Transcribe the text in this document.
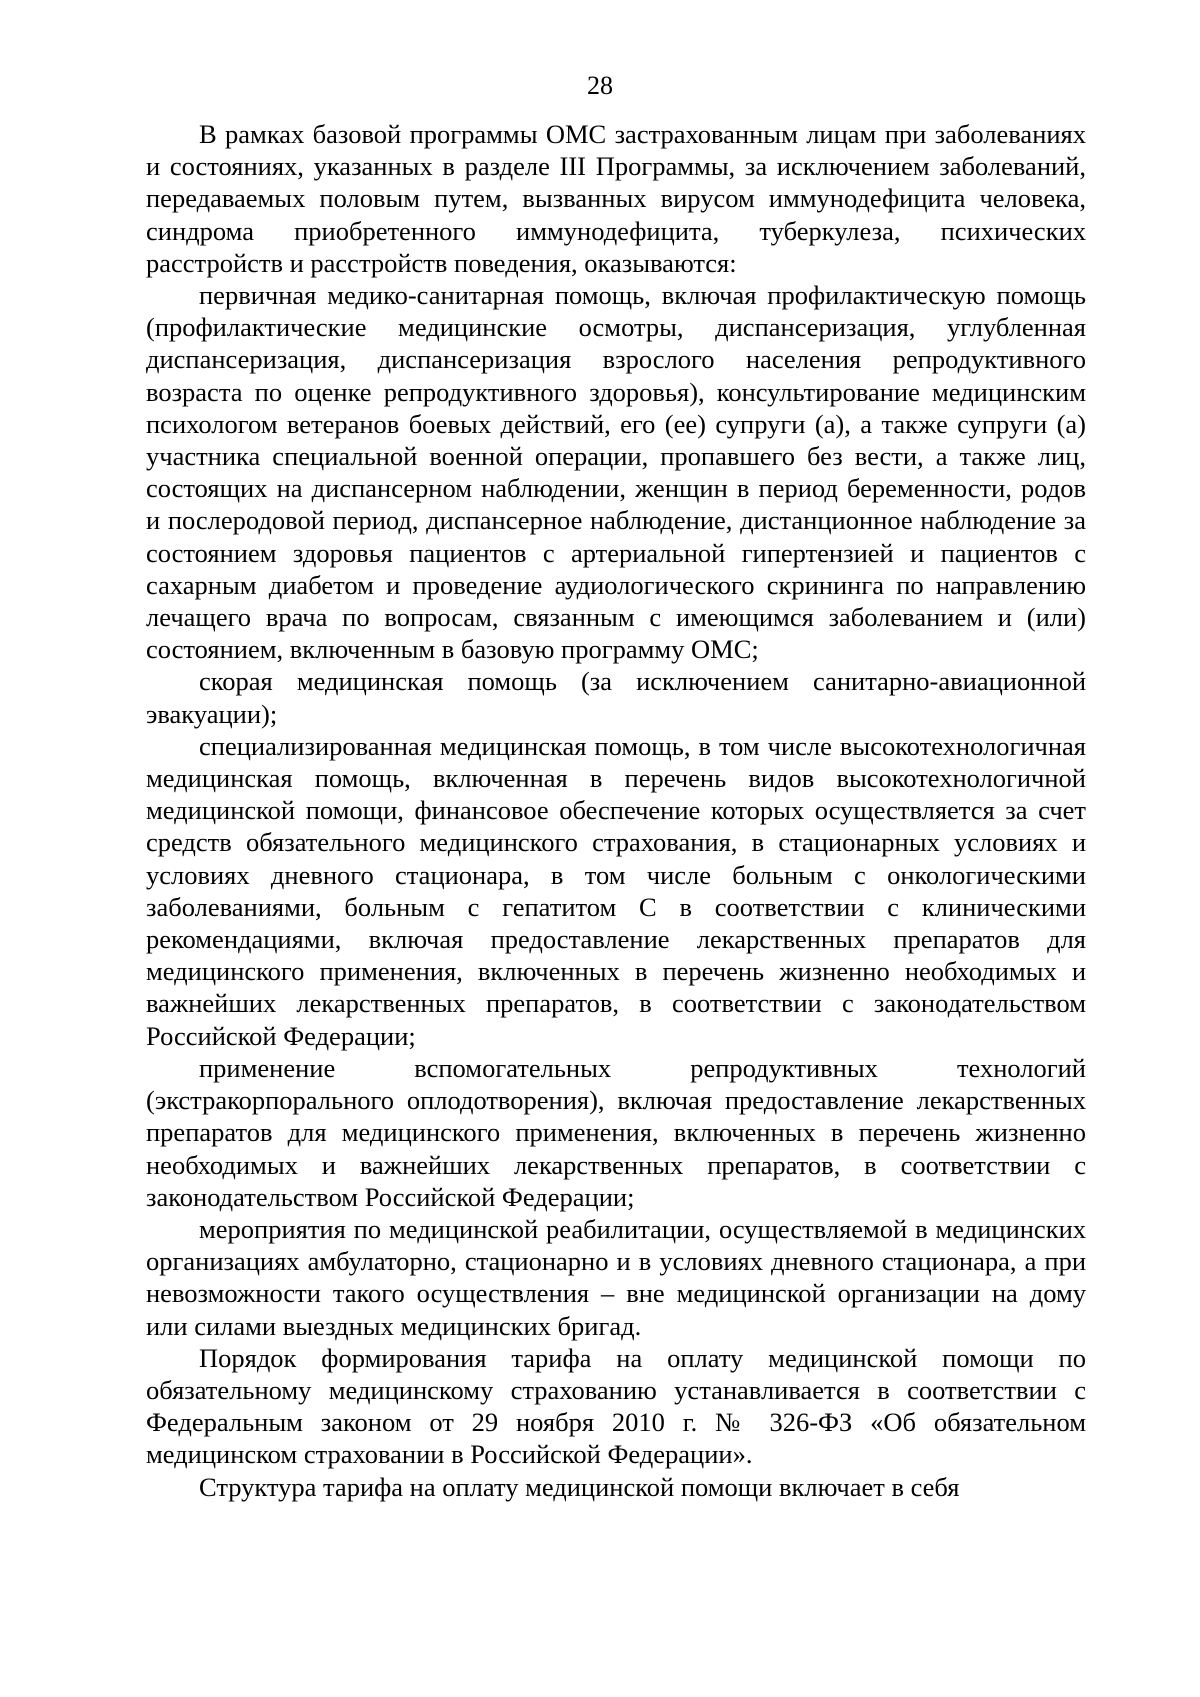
28

В рамках базовой программы ОМС застрахованным лицам при заболеваниях и состояниях, указанных в разделе III Программы, за исключением заболеваний, передаваемых половым путем, вызванных вирусом иммунодефицита человека, синдрома приобретенного иммунодефицита, туберкулеза, психических расстройств и расстройств поведения, оказываются:

первичная медико-санитарная помощь, включая профилактическую помощь (профилактические медицинские осмотры, диспансеризация, углубленная диспансеризация, диспансеризация взрослого населения репродуктивного возраста по оценке репродуктивного здоровья), консультирование медицинским психологом ветеранов боевых действий, его (ее) супруги (а), а также супруги (а) участника специальной военной операции, пропавшего без вести, а также лиц, состоящих на диспансерном наблюдении, женщин в период беременности, родов и послеродовой период, диспансерное наблюдение, дистанционное наблюдение за состоянием здоровья пациентов с артериальной гипертензией и пациентов с сахарным диабетом и проведение аудиологического скрининга по направлению лечащего врача по вопросам, связанным с имеющимся заболеванием и (или) состоянием, включенным в базовую программу ОМС;

скорая медицинская помощь (за исключением санитарно-авиационной эвакуации);

специализированная медицинская помощь, в том числе высокотехнологичная медицинская помощь, включенная в перечень видов высокотехнологичной медицинской помощи, финансовое обеспечение которых осуществляется за счет средств обязательного медицинского страхования, в стационарных условиях и условиях дневного стационара, в том числе больным с онкологическими заболеваниями, больным с гепатитом С в соответствии с клиническими рекомендациями, включая предоставление лекарственных препаратов для медицинского применения, включенных в перечень жизненно необходимых и важнейших лекарственных препаратов, в соответствии с законодательством Российской Федерации;

применение вспомогательных репродуктивных технологий (экстракорпорального оплодотворения), включая предоставление лекарственных препаратов для медицинского применения, включенных в перечень жизненно необходимых и важнейших лекарственных препаратов, в соответствии с законодательством Российской Федерации;

мероприятия по медицинской реабилитации, осуществляемой в медицинских организациях амбулаторно, стационарно и в условиях дневного стационара, а при невозможности такого осуществления – вне медицинской организации на дому или силами выездных медицинских бригад.

Порядок формирования тарифа на оплату медицинской помощи по обязательному медицинскому страхованию устанавливается в соответствии с Федеральным законом от 29 ноября 2010 г. № 326-ФЗ «Об обязательном медицинском страховании в Российской Федерации».

Структура тарифа на оплату медицинской помощи включает в себя
